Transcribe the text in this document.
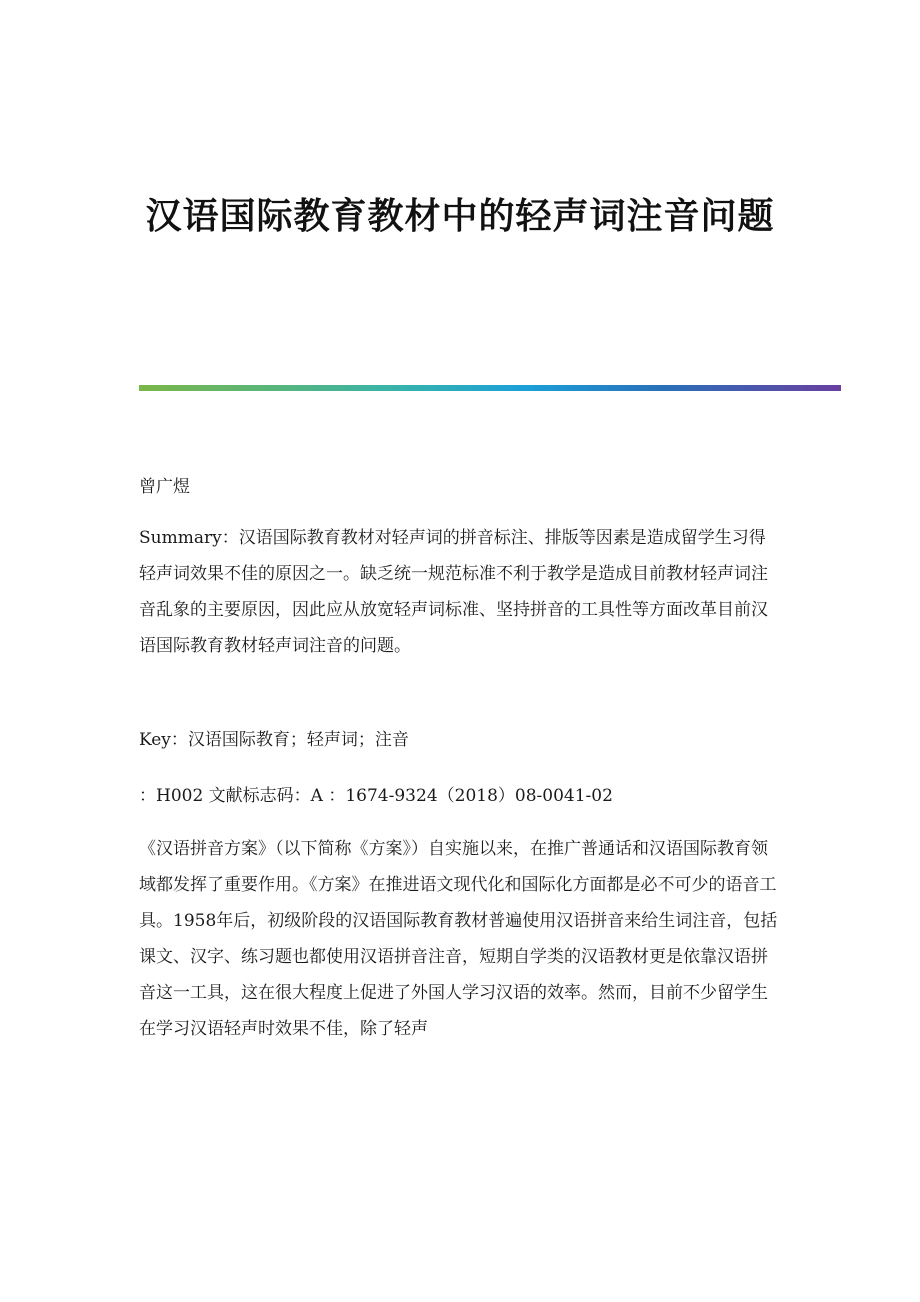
汉语国际教育教材中的轻声词注音问题

曾广煜

Summary：汉语国际教育教材对轻声词的拼音标注、排版等因素是造成留学生习得轻声词效果不佳的原因之一。缺乏统一规范标准不利于教学是造成目前教材轻声词注音乱象的主要原因，因此应从放宽轻声词标准、坚持拼音的工具性等方面改革目前汉语国际教育教材轻声词注音的问题。

Key：汉语国际教育；轻声词；注音

：H002 文献标志码：A ：1674-9324（2018）08-0041-02

《汉语拼音方案》（以下简称《方案》）自实施以来，在推广普通话和汉语国际教育领域都发挥了重要作用。《方案》在推进语文现代化和国际化方面都是必不可少的语音工具。1958年后，初级阶段的汉语国际教育教材普遍使用汉语拼音来给生词注音，包括课文、汉字、练习题也都使用汉语拼音注音，短期自学类的汉语教材更是依靠汉语拼音这一工具，这在很大程度上促进了外国人学习汉语的效率。然而，目前不少留学生在学习汉语轻声时效果不佳，除了轻声
